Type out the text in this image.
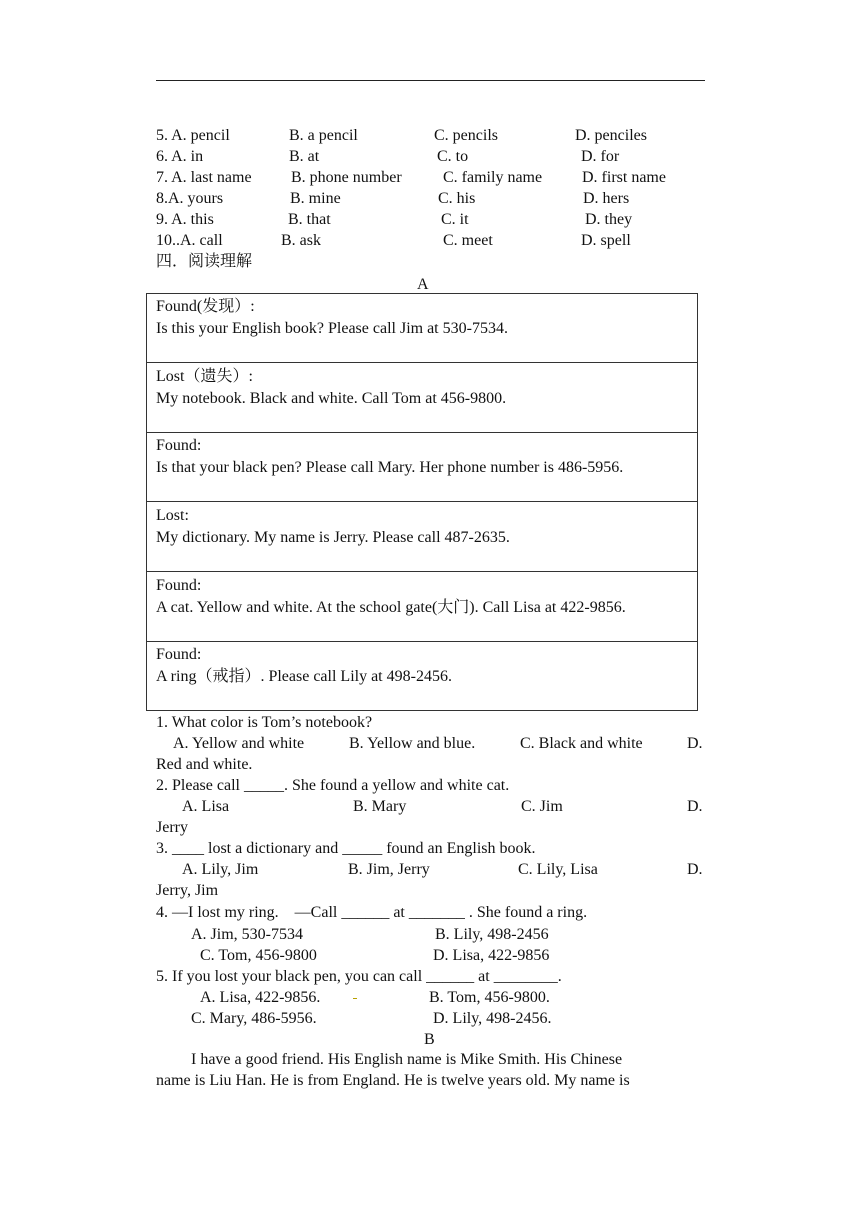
5. A. pencil	B. a pencil	C. pencils	D. penciles
6. A. in	B. at	C. to	D. for
7. A. last name B. phone number	C. family name D. first name
8.A. yours	B. mine	C. his	D. hers
9. A. this	B. that	C. it	D. they
10..A. call	B. ask	C. meet	D. spell
四．阅读理解
A
Found(发现）:
Is this your English book? Please call Jim at 530-7534.
Lost（遗失）:
My notebook. Black and white. Call Tom at 456-9800.
Found:
Is that your black pen? Please call Mary. Her phone number is 486-5956.
Lost:
My dictionary. My name is Jerry. Please call 487-2635.
Found:
A cat. Yellow and white. At the school gate(大门). Call Lisa at 422-9856.
Found:
A ring（戒指）. Please call Lily at 498-2456.
1. What color is Tom’s notebook?
A. Yellow and white	B. Yellow and blue.	C. Black and white	D.
Red and white.
2. Please call _____. She found a yellow and white cat.
A. Lisa	B. Mary	C. Jim	D.
Jerry
3. ____ lost a dictionary and _____ found an English book.
A. Lily, Jim	B. Jim, Jerry	C. Lily, Lisa	D.
Jerry, Jim
4. —I lost my ring.    —Call ______ at _______ . She found a ring.
A. Jim, 530-7534	B. Lily, 498-2456
C. Tom, 456-9800	D. Lisa, 422-9856
5. If you lost your black pen, you can call ______ at ________.
A. Lisa, 422-9856.	B. Tom, 456-9800.
C. Mary, 486-5956.	D. Lily, 498-2456.
B
I have a good friend. His English name is Mike Smith. His Chinese
name is Liu Han. He is from England. He is twelve years old. My name is
